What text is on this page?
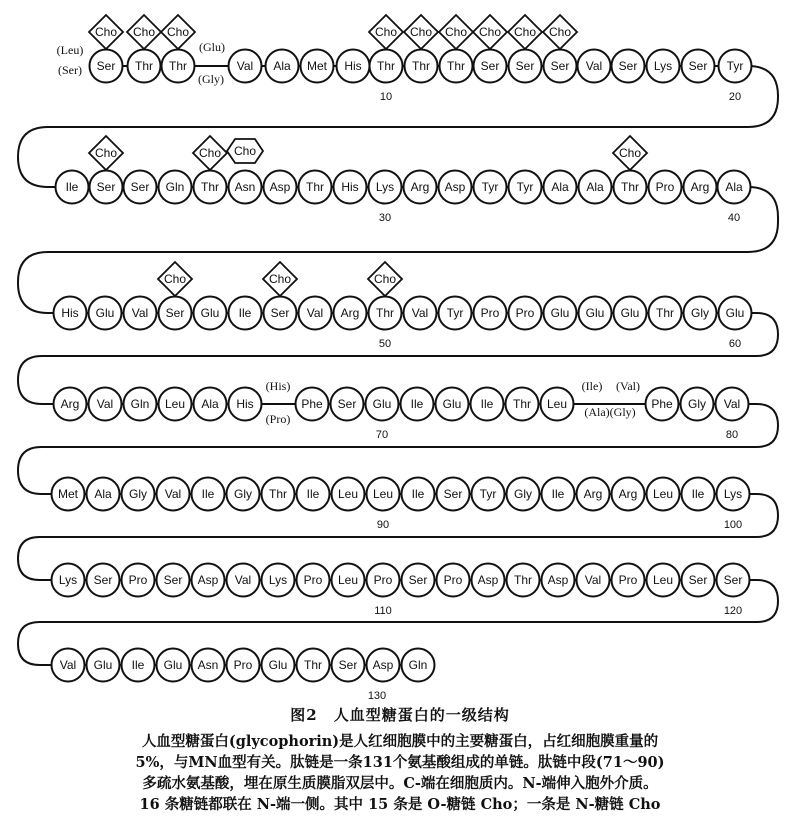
Cho Cho Cho	Cho Cho Cho Cho Cho Cho
Cho	Cho Cho	Cho
Cho	Cho	Cho
Ser Thr Thr	Val Ala Met His Thr Thr Thr Ser Ser Ser Val Ser Lys Ser Tyr
Ile Ser Ser Gln Thr Asn Asp Thr His Lys Arg Asp Tyr Tyr Ala Ala Thr Pro Arg Ala
His Glu Val Ser Glu Ile Ser Val Arg Thr Val Tyr Pro Pro Glu Glu Glu Thr Gly Glu
Arg Val Gln Leu Ala His	Phe Ser Glu Ile Glu Ile Thr Leu	Phe Gly Val
Met Ala Gly Val Ile Gly Thr Ile Leu Leu Ile Ser Tyr Gly Ile Arg Arg Leu Ile Lys
Lys Ser Pro Ser Asp Val Lys Pro Leu Pro Ser Pro Asp Thr Asp Val Pro Leu Ser Ser
Val Glu Ile Glu Asn Pro Glu Thr Ser Asp Gln
10	20
30	40
50	60
70	80
90	100
110	120
130
(Leu)
(Ser)
(Glu)
(Gly)
(His)
(Pro)
(Ile) (Val)
(Ala)(Gly)
图2　人血型糖蛋白的一级结构
人血型糖蛋白(glycophorin)是人红细胞膜中的主要糖蛋白，占红细胞膜重量的
5%，与MN血型有关。肽链是一条131个氨基酸组成的单链。肽链中段(71～90)
多疏水氨基酸，埋在原生质膜脂双层中。C-端在细胞质内。N-端伸入胞外介质。
16 条糖链都联在 N-端一侧。其中 15 条是 O-糖链 Cho；一条是 N-糖链 Cho
